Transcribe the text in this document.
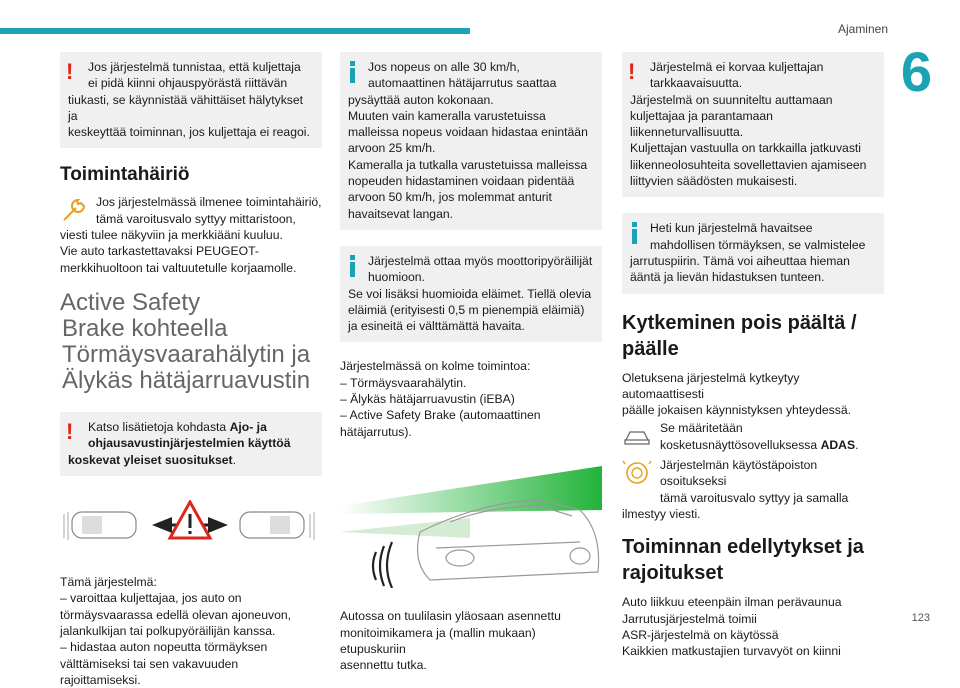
Ajaminen
6
123
!	Jos järjestelmä tunnistaa, että kuljettaja
ei pidä kiinni ohjauspyörästä riittävän
tiukasti, se käynnistää vähittäiset hälytykset ja
keskeyttää toiminnan, jos kuljettaja ei reagoi.
Toimintahäiriö
Jos järjestelmässä ilmenee toimintahäiriö,
tämä varoitusvalo syttyy mittaristoon,
viesti tulee näkyviin ja merkkiääni kuuluu.
Vie auto tarkastettavaksi PEUGEOT-
merkkihuoltoon tai valtuutetulle korjaamolle.
Active Safety
Brake kohteella
Törmäysvaarahälytin ja
Älykäs hätäjarruavustin
!	Katso lisätietoja kohdasta Ajo- ja
ohjausavustinjärjestelmien käyttöä
koskevat yleiset suositukset.
Tämä järjestelmä:
– varoittaa kuljettajaa, jos auto on
törmäysvaarassa edellä olevan ajoneuvon,
jalankulkijan tai polkupyöräilijän kanssa.
– hidastaa auton nopeutta törmäyksen
välttämiseksi tai sen vakavuuden rajoittamiseksi.
Jos nopeus on alle 30 km/h,
automaattinen hätäjarrutus saattaa
pysäyttää auton kokonaan.
Muuten vain kameralla varustetuissa
malleissa nopeus voidaan hidastaa enintään
arvoon 25 km/h.
Kameralla ja tutkalla varustetuissa malleissa
nopeuden hidastaminen voidaan pidentää
arvoon 50 km/h, jos molemmat anturit
havaitsevat langan.
Järjestelmä ottaa myös moottoripyöräilijät
huomioon.
Se voi lisäksi huomioida eläimet. Tiellä olevia
eläimiä (erityisesti 0,5 m pienempiä eläimiä)
ja esineitä ei välttämättä havaita.
Järjestelmässä on kolme toimintoa:
– Törmäysvaarahälytin.
– Älykäs hätäjarruavustin (iEBA)
– Active Safety Brake (automaattinen
hätäjarrutus).
Autossa on tuulilasin yläosaan asennettu
monitoimikamera ja (mallin mukaan) etupuskuriin
asennettu tutka.
!	Järjestelmä ei korvaa kuljettajan
tarkkaavaisuutta.
Järjestelmä on suunniteltu auttamaan
kuljettajaa ja parantamaan
liikenneturvallisuutta.
Kuljettajan vastuulla on tarkkailla jatkuvasti
liikenneolosuhteita sovellettavien ajamiseen
liittyvien säädösten mukaisesti.
Heti kun järjestelmä havaitsee
mahdollisen törmäyksen, se valmistelee
jarrutuspiirin. Tämä voi aiheuttaa hieman
ääntä ja lievän hidastuksen tunteen.
Kytkeminen pois päältä /
päälle
Oletuksena järjestelmä kytkeytyy automaattisesti
päälle jokaisen käynnistyksen yhteydessä.
Se määritetään
kosketusnäyttösovelluksessa ADAS.
Järjestelmän käytöstäpoiston osoitukseksi
tämä varoitusvalo syttyy ja samalla
ilmestyy viesti.
Toiminnan edellytykset ja
rajoitukset
Auto liikkuu eteenpäin ilman perävaunua
Jarrutusjärjestelmä toimii
ASR-järjestelmä on käytössä
Kaikkien matkustajien turvavyöt on kiinni
